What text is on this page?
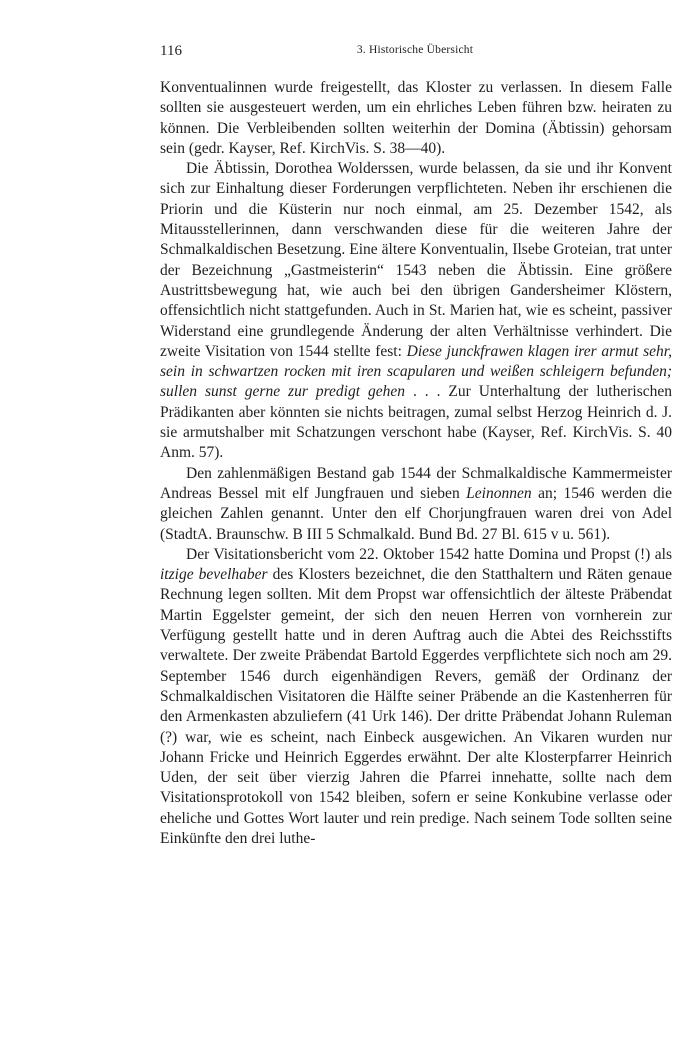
116	3. Historische Übersicht

Konventualinnen wurde freigestellt, das Kloster zu verlassen. In diesem Falle sollten sie ausgesteuert werden, um ein ehrliches Leben führen bzw. heiraten zu können. Die Verbleibenden sollten weiterhin der Domina (Äbtissin) gehorsam sein (gedr. Kayser, Ref. KirchVis. S. 38—40).

Die Äbtissin, Dorothea Wolderssen, wurde belassen, da sie und ihr Konvent sich zur Einhaltung dieser Forderungen verpflichteten. Neben ihr erschienen die Priorin und die Küsterin nur noch einmal, am 25. Dezember 1542, als Mitausstellerinnen, dann verschwanden diese für die weiteren Jahre der Schmalkaldischen Besetzung. Eine ältere Konventualin, Ilsebe Groteian, trat unter der Bezeichnung „Gastmeisterin“ 1543 neben die Äbtissin. Eine größere Austrittsbewegung hat, wie auch bei den übrigen Gandersheimer Klöstern, offensichtlich nicht stattgefunden. Auch in St. Marien hat, wie es scheint, passiver Widerstand eine grundlegende Änderung der alten Verhältnisse verhindert. Die zweite Visitation von 1544 stellte fest: Diese junckfrawen klagen irer armut sehr, sein in schwartzen rocken mit iren scapularen und weißen schleigern befunden; sullen sunst gerne zur predigt gehen . . . Zur Unterhaltung der lutherischen Prädikanten aber könnten sie nichts beitragen, zumal selbst Herzog Heinrich d. J. sie armutshalber mit Schatzungen verschont habe (Kayser, Ref. KirchVis. S. 40 Anm. 57).

Den zahlenmäßigen Bestand gab 1544 der Schmalkaldische Kammermeister Andreas Bessel mit elf Jungfrauen und sieben Leinonnen an; 1546 werden die gleichen Zahlen genannt. Unter den elf Chorjungfrauen waren drei von Adel (StadtA. Braunschw. B III 5 Schmalkald. Bund Bd. 27 Bl. 615 v u. 561).

Der Visitationsbericht vom 22. Oktober 1542 hatte Domina und Propst (!) als itzige bevelhaber des Klosters bezeichnet, die den Statthaltern und Räten genaue Rechnung legen sollten. Mit dem Propst war offensichtlich der älteste Präbendat Martin Eggelster gemeint, der sich den neuen Herren von vornherein zur Verfügung gestellt hatte und in deren Auftrag auch die Abtei des Reichsstifts verwaltete. Der zweite Präbendat Bartold Eggerdes verpflichtete sich noch am 29. September 1546 durch eigenhändigen Revers, gemäß der Ordinanz der Schmalkaldischen Visitatoren die Hälfte seiner Präbende an die Kastenherren für den Armenkasten abzuliefern (41 Urk 146). Der dritte Präbendat Johann Ruleman (?) war, wie es scheint, nach Einbeck ausgewichen. An Vikaren wurden nur Johann Fricke und Heinrich Eggerdes erwähnt. Der alte Klosterpfarrer Heinrich Uden, der seit über vierzig Jahren die Pfarrei innehatte, sollte nach dem Visitationsprotokoll von 1542 bleiben, sofern er seine Konkubine verlasse oder eheliche und Gottes Wort lauter und rein predige. Nach seinem Tode sollten seine Einkünfte den drei luthe-
